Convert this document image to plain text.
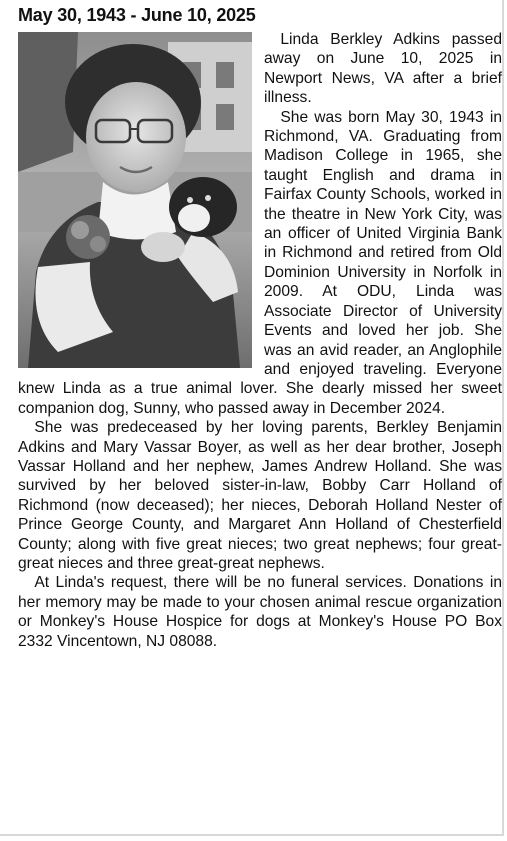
May 30, 1943 - June 10, 2025

Linda Berkley Adkins passed away on June 10, 2025 in Newport News, VA after a brief illness.

She was born May 30, 1943 in Richmond, VA. Graduating from Madison College in 1965, she taught English and drama in Fairfax County Schools, worked in the theatre in New York City, was an officer of United Virginia Bank in Richmond and retired from Old Dominion University in Norfolk in 2009. At ODU, Linda was Associate Director of University Events and loved her job. She was an avid reader, an Anglophile and enjoyed traveling. Everyone knew Linda as a true animal lover. She dearly missed her sweet companion dog, Sunny, who passed away in December 2024.

She was predeceased by her loving parents, Berkley Benjamin Adkins and Mary Vassar Boyer, as well as her dear brother, Joseph Vassar Holland and her nephew, James Andrew Holland. She was survived by her beloved sister-in-law, Bobby Carr Holland of Richmond (now deceased); her nieces, Deborah Holland Nester of Prince George County, and Margaret Ann Holland of Chesterfield County; along with five great nieces; two great nephews; four great-great nieces and three great-great nephews.

At Linda's request, there will be no funeral services. Donations in her memory may be made to your chosen animal rescue organization or Monkey's House Hospice for dogs at Monkey's House PO Box 2332 Vincentown, NJ 08088.
